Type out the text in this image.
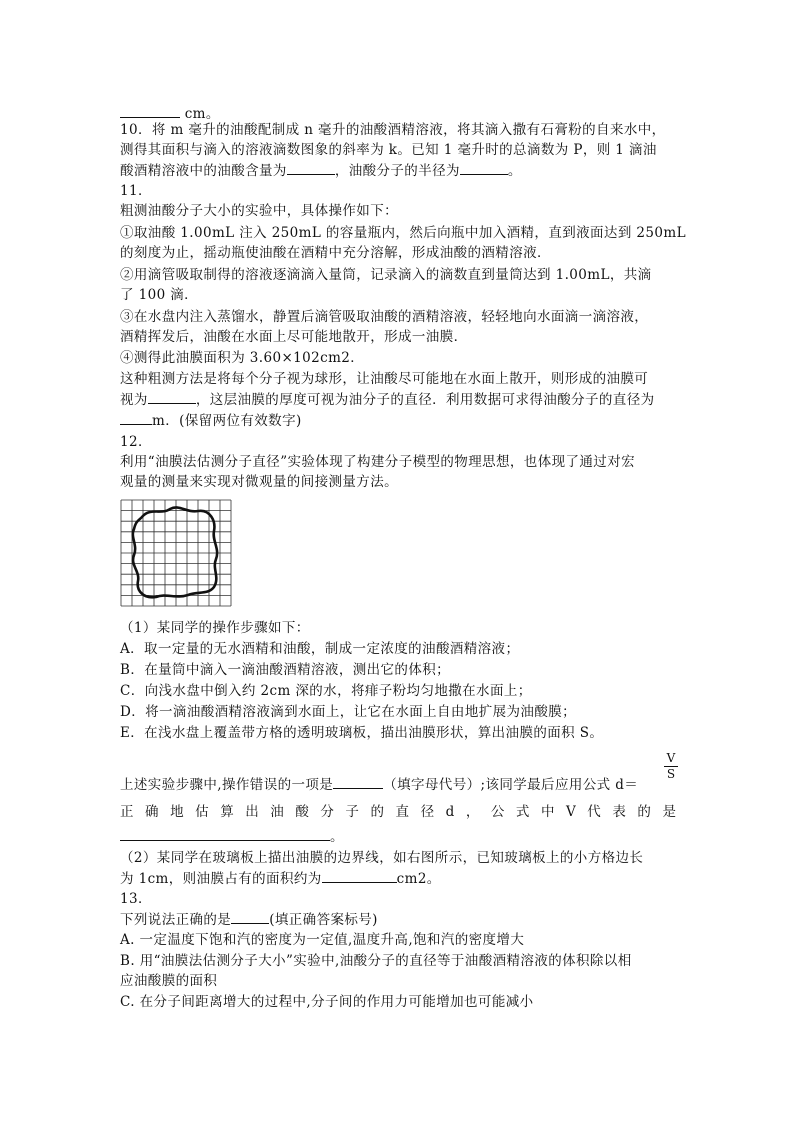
cm。
10．将 m 毫升的油酸配制成 n 毫升的油酸酒精溶液，将其滴入撒有石膏粉的自来水中，
测得其面积与滴入的溶液滴数图象的斜率为 k。已知 1 毫升时的总滴数为 P，则 1 滴油
酸酒精溶液中的油酸含量为	，油酸分子的半径为	。
11．
粗测油酸分子大小的实验中，具体操作如下：
①取油酸 1.00mL 注入 250mL 的容量瓶内，然后向瓶中加入酒精，直到液面达到 250mL
的刻度为止，摇动瓶使油酸在酒精中充分溶解，形成油酸的酒精溶液．
②用滴管吸取制得的溶液逐滴滴入量筒，记录滴入的滴数直到量筒达到 1.00mL，共滴
了 100 滴．
③在水盘内注入蒸馏水，静置后滴管吸取油酸的酒精溶液，轻轻地向水面滴一滴溶液，
酒精挥发后，油酸在水面上尽可能地散开，形成一油膜．
④测得此油膜面积为 3.60×102cm2．
这种粗测方法是将每个分子视为球形，让油酸尽可能地在水面上散开，则形成的油膜可
视为	，这层油膜的厚度可视为油分子的直径．利用数据可求得油酸分子的直径为
m．(保留两位有效数字)
12．
利用“油膜法估测分子直径”实验体现了构建分子模型的物理思想，也体现了通过对宏
观量的测量来实现对微观量的间接测量方法。
（1）某同学的操作步骤如下：
A．取一定量的无水酒精和油酸，制成一定浓度的油酸酒精溶液；
B．在量筒中滴入一滴油酸酒精溶液，测出它的体积；
C．向浅水盘中倒入约 2cm 深的水，将痱子粉均匀地撒在水面上；
D．将一滴油酸酒精溶液滴到水面上，让它在水面上自由地扩展为油酸膜；
E．在浅水盘上覆盖带方格的透明玻璃板，描出油膜形状，算出油膜的面积 S。
V
S
上述实验步骤中,操作错误的一项是	（填字母代号）;该同学最后应用公式 d＝
正 确 地 估 算 出 油 酸 分 子 的 直 径 d ， 公 式 中 V 代 表 的 是
。
（2）某同学在玻璃板上描出油膜的边界线，如右图所示，已知玻璃板上的小方格边长
为 1cm，则油膜占有的面积约为	cm2。
13．
下列说法正确的是	(填正确答案标号)
A. 一定温度下饱和汽的密度为一定值,温度升高,饱和汽的密度增大
B. 用“油膜法估测分子大小”实验中,油酸分子的直径等于油酸酒精溶液的体积除以相
应油酸膜的面积
C. 在分子间距离增大的过程中,分子间的作用力可能增加也可能减小
